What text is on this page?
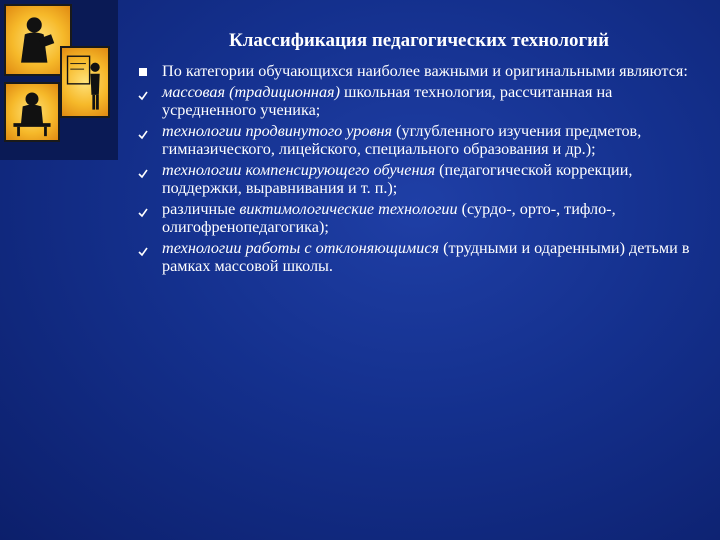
Классификация педагогических технологий
По категории обучающихся наиболее важными и оригинальными являются:
массовая (традиционная) школьная технология, рассчитанная на усредненного ученика;
технологии продвинутого уровня (углубленного изучения предметов, гимназического, лицейского, специального образования и др.);
технологии компенсирующего обучения (педагогической коррекции, поддержки, выравнивания и т. п.);
различные виктимологические технологии (сурдо-, орто-, тифло-, олигофренопедагогика);
технологии работы с отклоняющимися (трудными и одаренными) детьми в рамках массовой школы.
